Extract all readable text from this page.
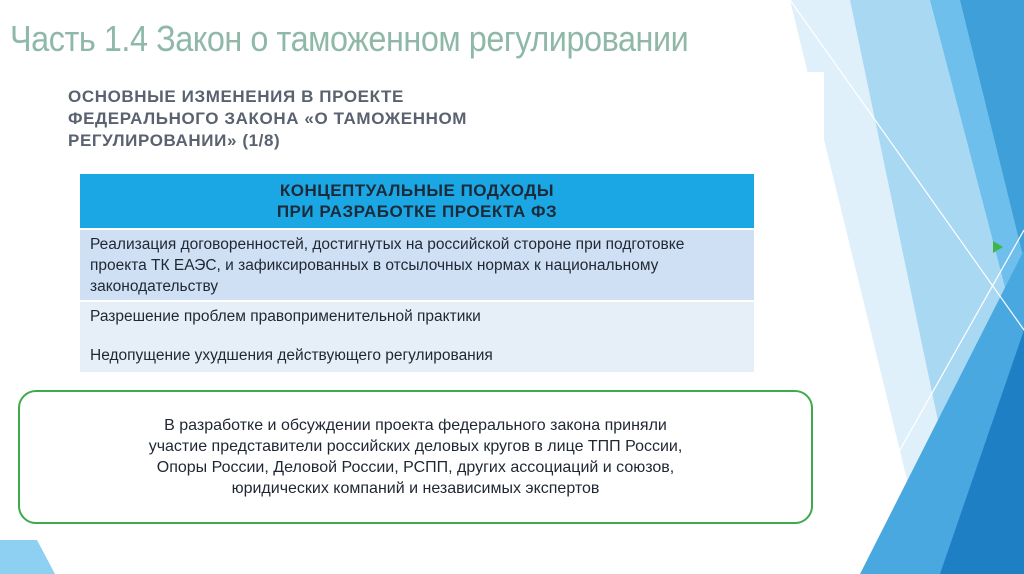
Часть 1.4 Закон о таможенном регулировании
ОСНОВНЫЕ ИЗМЕНЕНИЯ В ПРОЕКТЕ
ФЕДЕРАЛЬНОГО ЗАКОНА «О ТАМОЖЕННОМ
РЕГУЛИРОВАНИИ» (1/8)
КОНЦЕПТУАЛЬНЫЕ ПОДХОДЫ
ПРИ РАЗРАБОТКЕ ПРОЕКТА ФЗ
Реализация договоренностей, достигнутых на российской стороне при подготовке проекта ТК ЕАЭС, и зафиксированных в отсылочных нормах к национальному законодательству
Разрешение проблем правоприменительной практики
Недопущение ухудшения действующего регулирования
В разработке и обсуждении проекта федерального закона приняли
участие представители российских деловых кругов в лице ТПП России,
Опоры России, Деловой России, РСПП, других ассоциаций и союзов,
юридических компаний и независимых экспертов
